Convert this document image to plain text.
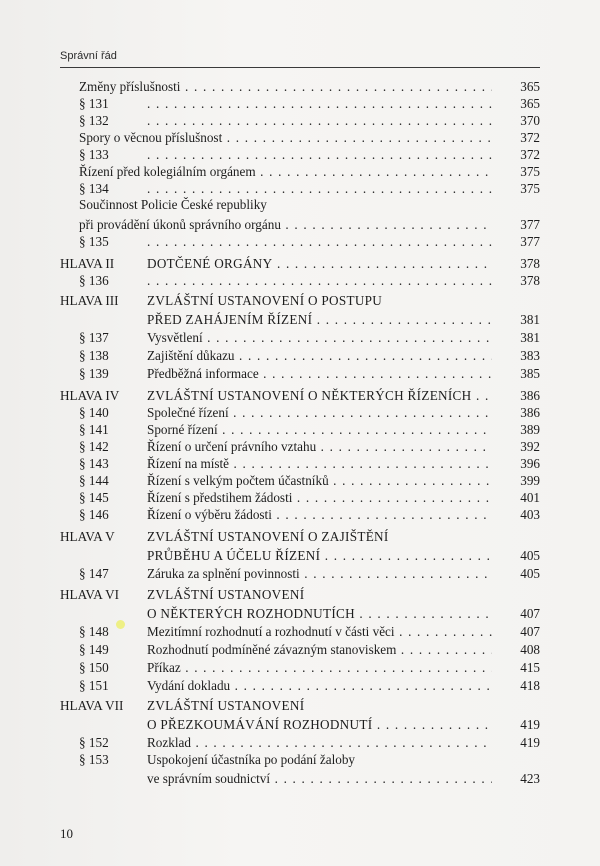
Správní řád
Změny příslušnosti . . .	365
§ 131 . . .	365
§ 132 . . .	370
Spory o věcnou příslušnost . . .	372
§ 133 . . .	372
Řízení před kolegiálním orgánem . . .	375
§ 134 . . .	375
Součinnost Policie České republiky
při provádění úkonů správního orgánu . . .	377
§ 135 . . .	377
HLAVA II DOTČENÉ ORGÁNY . . .	378
§ 136 . . .	378
HLAVA III ZVLÁŠTNÍ USTANOVENÍ O POSTUPU
PŘED ZAHÁJENÍM ŘÍZENÍ . . .	381
§ 137	Vysvětlení . . .	381
§ 138	Zajištění důkazu . . .	383
§ 139	Předběžná informace . . .	385
HLAVA IV ZVLÁŠTNÍ USTANOVENÍ O NĚKTERÝCH ŘÍZENÍCH . . .	386
§ 140	Společné řízení . . .	386
§ 141	Sporné řízení . . .	389
§ 142	Řízení o určení právního vztahu . . .	392
§ 143	Řízení na místě . . .	396
§ 144	Řízení s velkým počtem účastníků . . .	399
§ 145	Řízení s předstihem žádosti . . .	401
§ 146	Řízení o výběru žádosti . . .	403
HLAVA V ZVLÁŠTNÍ USTANOVENÍ O ZAJIŠTĚNÍ
PRŮBĚHU A ÚČELU ŘÍZENÍ . . .	405
§ 147	Záruka za splnění povinnosti . . .	405
HLAVA VI ZVLÁŠTNÍ USTANOVENÍ
O NĚKTERÝCH ROZHODNUTÍCH . . .	407
§ 148	Mezitímní rozhodnutí a rozhodnutí v části věci . . .	407
§ 149	Rozhodnutí podmíněné závazným stanoviskem . . .	408
§ 150	Příkaz . . .	415
§ 151	Vydání dokladu . . .	418
HLAVA VII ZVLÁŠTNÍ USTANOVENÍ
O PŘEZKOUMÁVÁNÍ ROZHODNUTÍ . . .	419
§ 152	Rozklad . . .	419
§ 153	Uspokojení účastníka po podání žaloby
ve správním soudnictví . . .	423
10
